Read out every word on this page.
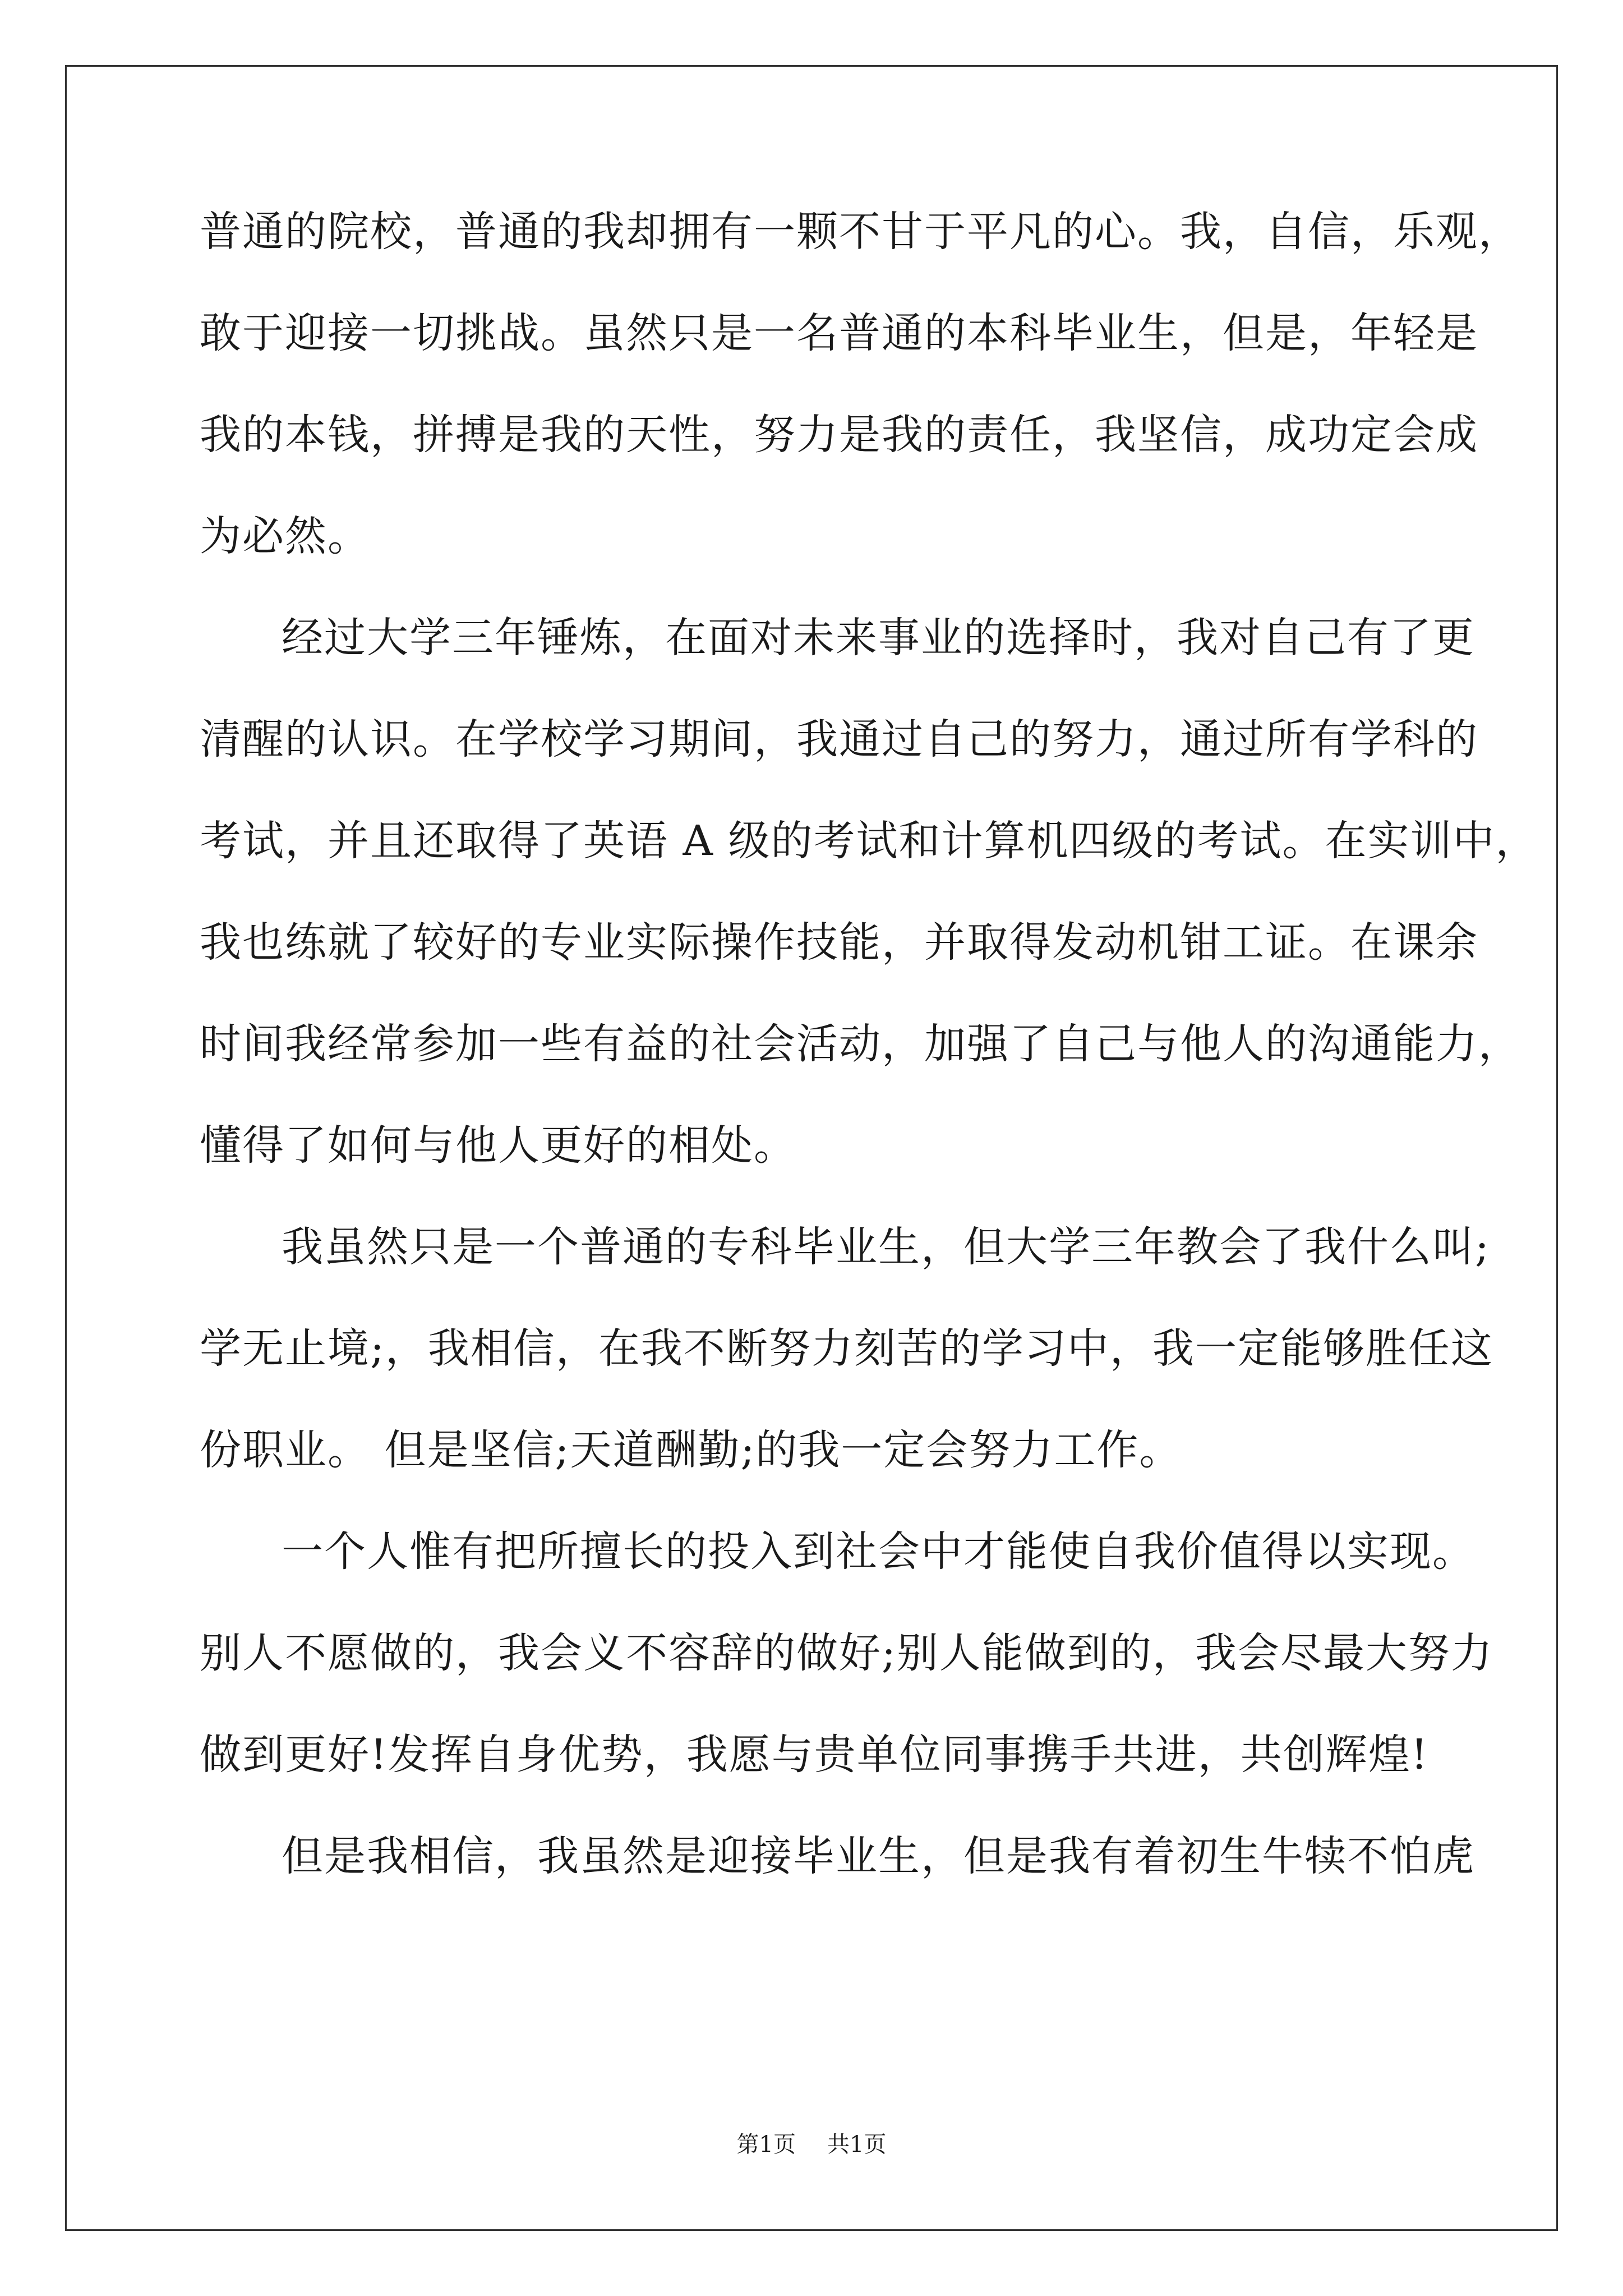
普通的院校，普通的我却拥有一颗不甘于平凡的心。我，自信，乐观，
敢于迎接一切挑战。虽然只是一名普通的本科毕业生，但是，年轻是
我的本钱，拼搏是我的天性，努力是我的责任，我坚信，成功定会成
为必然。
经过大学三年锤炼，在面对未来事业的选择时，我对自己有了更
清醒的认识。在学校学习期间，我通过自己的努力，通过所有学科的
考试，并且还取得了英语 A 级的考试和计算机四级的考试。在实训中，
我也练就了较好的专业实际操作技能，并取得发动机钳工证。在课余
时间我经常参加一些有益的社会活动，加强了自己与他人的沟通能力，
懂得了如何与他人更好的相处。
我虽然只是一个普通的专科毕业生，但大学三年教会了我什么叫;
学无止境;，我相信，在我不断努力刻苦的学习中，我一定能够胜任这
份职业。 但是坚信;天道酬勤;的我一定会努力工作。
一个人惟有把所擅长的投入到社会中才能使自我价值得以实现。
别人不愿做的，我会义不容辞的做好;别人能做到的，我会尽最大努力
做到更好!发挥自身优势，我愿与贵单位同事携手共进，共创辉煌!
但是我相信，我虽然是迎接毕业生，但是我有着初生牛犊不怕虎
第1页 共1页
